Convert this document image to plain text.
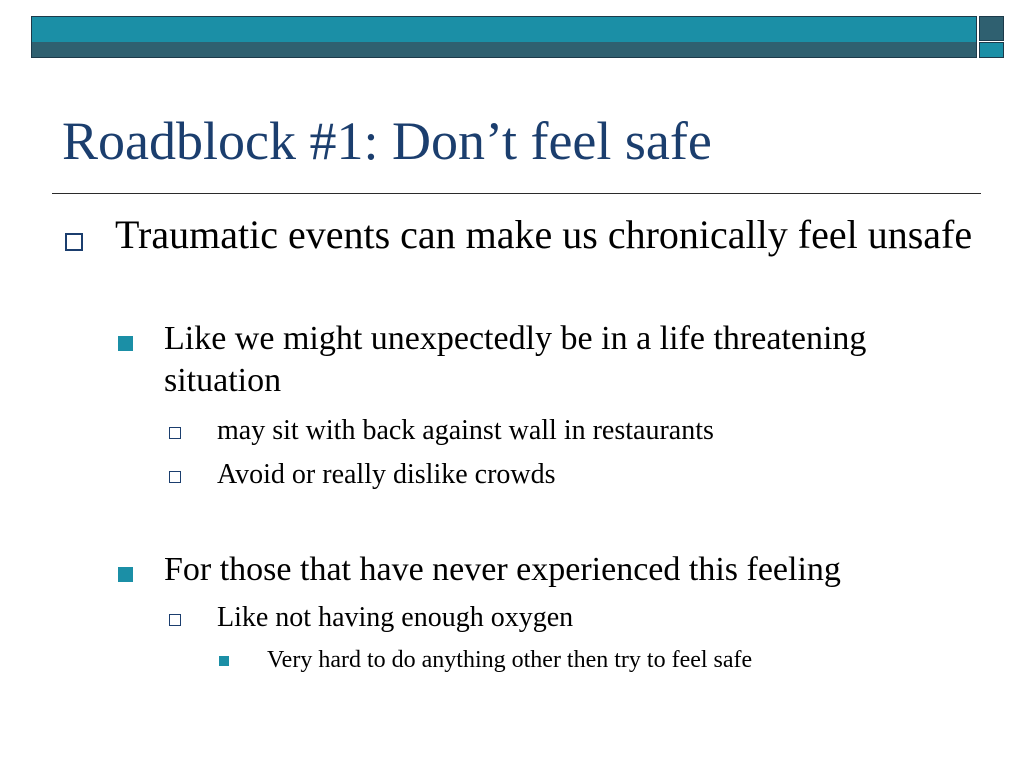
Roadblock #1: Don’t feel safe
Traumatic events can make us chronically feel unsafe
Like we might unexpectedly be in a life threatening situation
may sit with back against wall in restaurants
Avoid or really dislike crowds
For those that have never experienced this feeling
Like not having enough oxygen
Very hard to do anything other then try to feel safe
